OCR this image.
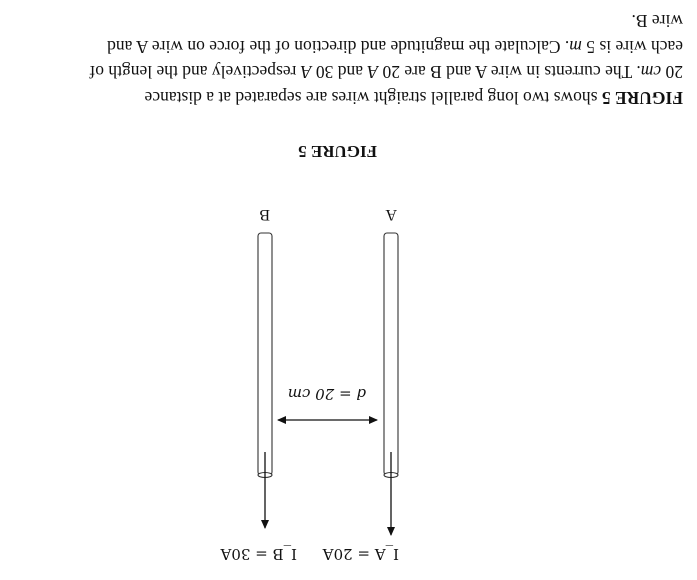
I_A = 20A
I_B = 30A
d = 20 cm
A
B
FIGURE 5
FIGURE 5 shows two long parallel straight wires are separated at a distance
20 cm. The currents in wire A and B are 20 A and 30 A respectively and the length of
each wire is 5 m. Calculate the magnitude and direction of the force on wire A and
wire B.
